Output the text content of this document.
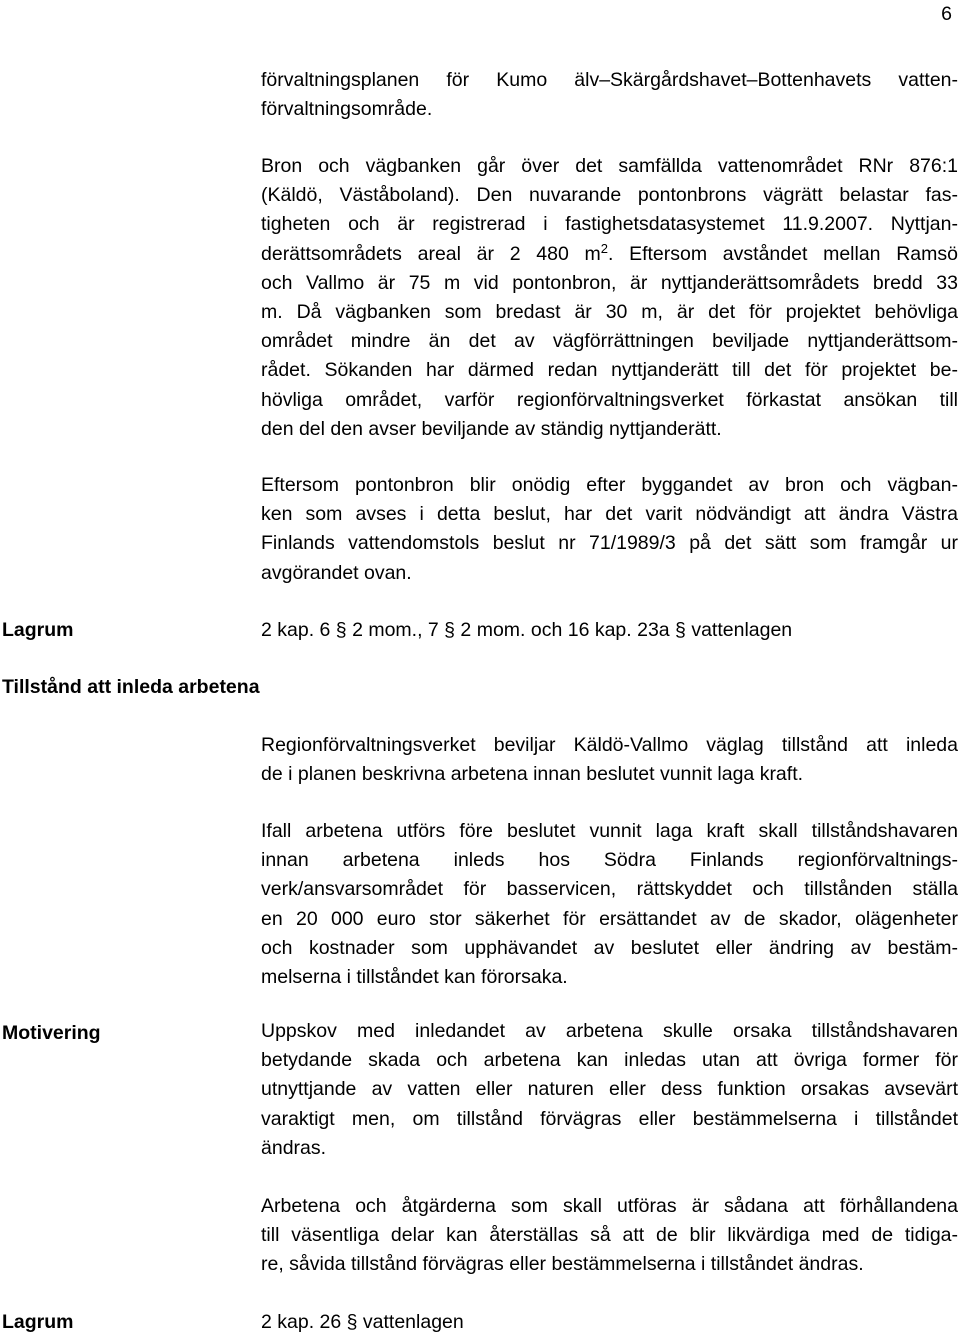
6
förvaltningsplanen för Kumo älv–Skärgårdshavet–Bottenhavets vatten-
förvaltningsområde.
Bron och vägbanken går över det samfällda vattenområdet RNr 876:1
(Käldö, Väståboland). Den nuvarande pontonbrons vägrätt belastar fas-
tigheten och är registrerad i fastighetsdatasystemet 11.9.2007. Nyttjan-
derättsområdets areal är 2 480 $m^2$. Eftersom avståndet mellan Ramsö
och Vallmo är 75 m vid pontonbron, är nyttjanderättsområdets bredd 33
m. Då vägbanken som bredast är 30 m, är det för projektet behövliga
området mindre än det av vägförrättningen beviljade nyttjanderättsom-
rådet. Sökanden har därmed redan nyttjanderätt till det för projektet be-
hövliga området, varför regionförvaltningsverket förkastat ansökan till
den del den avser beviljande av ständig nyttjanderätt.
Eftersom pontonbron blir onödig efter byggandet av bron och vägban-
ken som avses i detta beslut, har det varit nödvändigt att ändra Västra
Finlands vattendomstols beslut nr 71/1989/3 på det sätt som framgår ur
avgörandet ovan.
Lagrum	2 kap. 6 § 2 mom., 7 § 2 mom. och 16 kap. 23a § vattenlagen
Tillstånd att inleda arbetena
Regionförvaltningsverket beviljar Käldö-Vallmo väglag tillstånd att inleda
de i planen beskrivna arbetena innan beslutet vunnit laga kraft.
Ifall arbetena utförs före beslutet vunnit laga kraft skall tillståndshavaren
innan arbetena inleds hos Södra Finlands regionförvaltnings-
verk/ansvarsområdet för basservicen, rättskyddet och tillstånden ställa
en 20 000 euro stor säkerhet för ersättandet av de skador, olägenheter
och kostnader som upphävandet av beslutet eller ändring av bestäm-
melserna i tillståndet kan förorsaka.
Motivering	Uppskov med inledandet av arbetena skulle orsaka tillståndshavaren
betydande skada och arbetena kan inledas utan att övriga former för
utnyttjande av vatten eller naturen eller dess funktion orsakas avsevärt
varaktigt men, om tillstånd förvägras eller bestämmelserna i tillståndet
ändras.
Arbetena och åtgärderna som skall utföras är sådana att förhållandena
till väsentliga delar kan återställas så att de blir likvärdiga med de tidiga-
re, såvida tillstånd förvägras eller bestämmelserna i tillståndet ändras.
Lagrum	2 kap. 26 § vattenlagen
